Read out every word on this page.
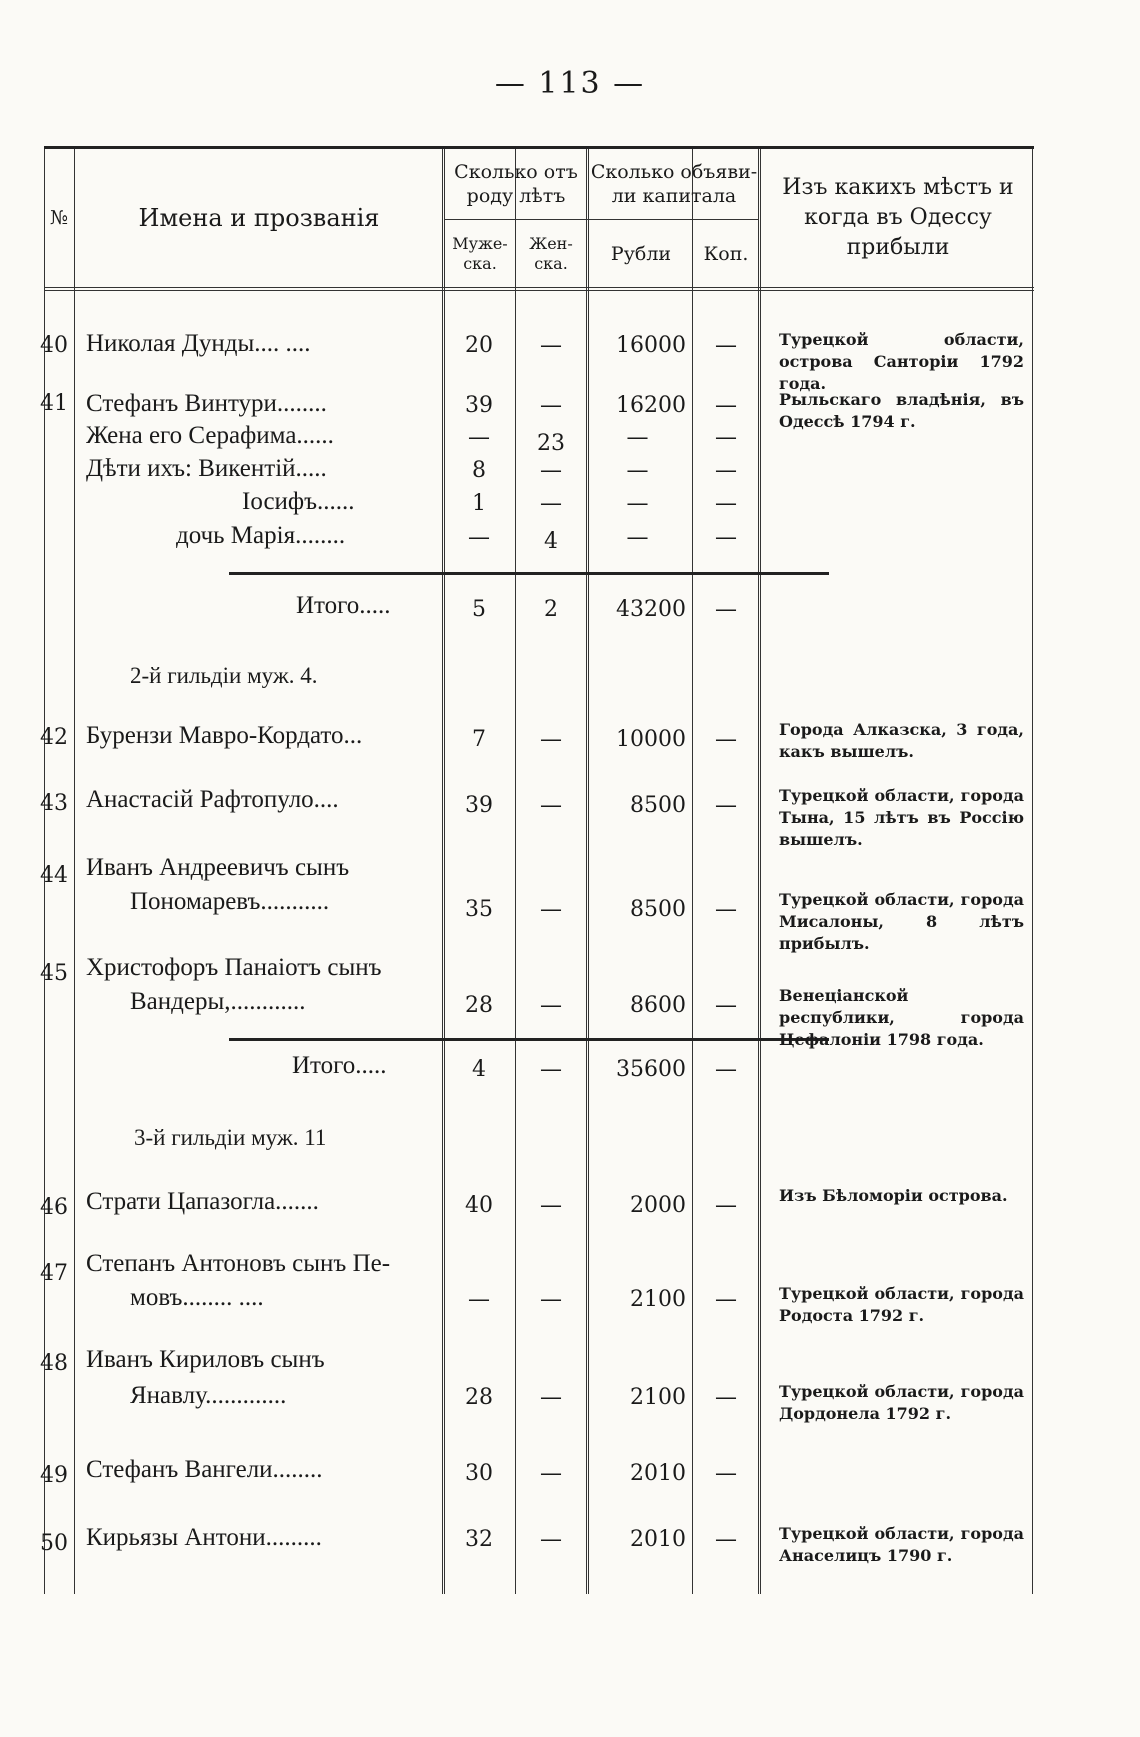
— 113 —
№	Имена и прозванія
Сколько отъ роду лѣтъ
Муже-ска.
Жен-ска.
Сколько объяви-ли капитала
Рубли	Коп.
Изъ какихъ мѣстъ и когда въ Одессу прибыли
40 Николая Дунды.... ....	20	—	16000	—	Турецкой области, острова Санторіи 1792 года.
41 Стефанъ Винтури........	39	—	16200	—	Рыльскаго владѣнія, въ Одессѣ 1794 г.
Жена его Серафима......	—	23	—	—
Дѣти ихъ: Викентій.....	8	—	—	—
Іосифъ......	1	—	—	—
дочь Марія........	—	4	—	—
Итого.....	5	2	43200	—
2-й гильдіи муж. 4.
42 Бурензи Мавро-Кордато...	7	—	10000	—	Города Алказска, 3 года, какъ вышелъ.
43 Анастасій Рафтопуло....	39	—	8500	—	Турецкой области, города Тына, 15 лѣтъ въ Россію вышелъ.
44 Иванъ Андреевичъ сынъ
Пономаревъ...........	35	—	8500	—	Турецкой области, города Мисалоны, 8 лѣтъ прибылъ.
45 Христофоръ Панаіотъ сынъ
Вандеры,............	28	—	8600	—	Венеціанской республики, города Цефалоніи 1798 года.
Итого.....	4	—	35600	—
3-й гильдіи муж. 11
46 Страти Цапазогла.......	40	—	2000	—	Изъ Бѣломоріи острова.
47 Степанъ Антоновъ сынъ Пе-
мовъ........ ....	—	—	2100	—	Турецкой области, города Родоста 1792 г.
48 Иванъ Кириловъ сынъ
Янавлу.............	28	—	2100	—	Турецкой области, города Дордонела 1792 г.
49 Стефанъ Вангели........	30	—	2010	—
50 Кирьязы Антони.........	32	—	2010	—	Турецкой области, города Анаселицъ 1790 г.
